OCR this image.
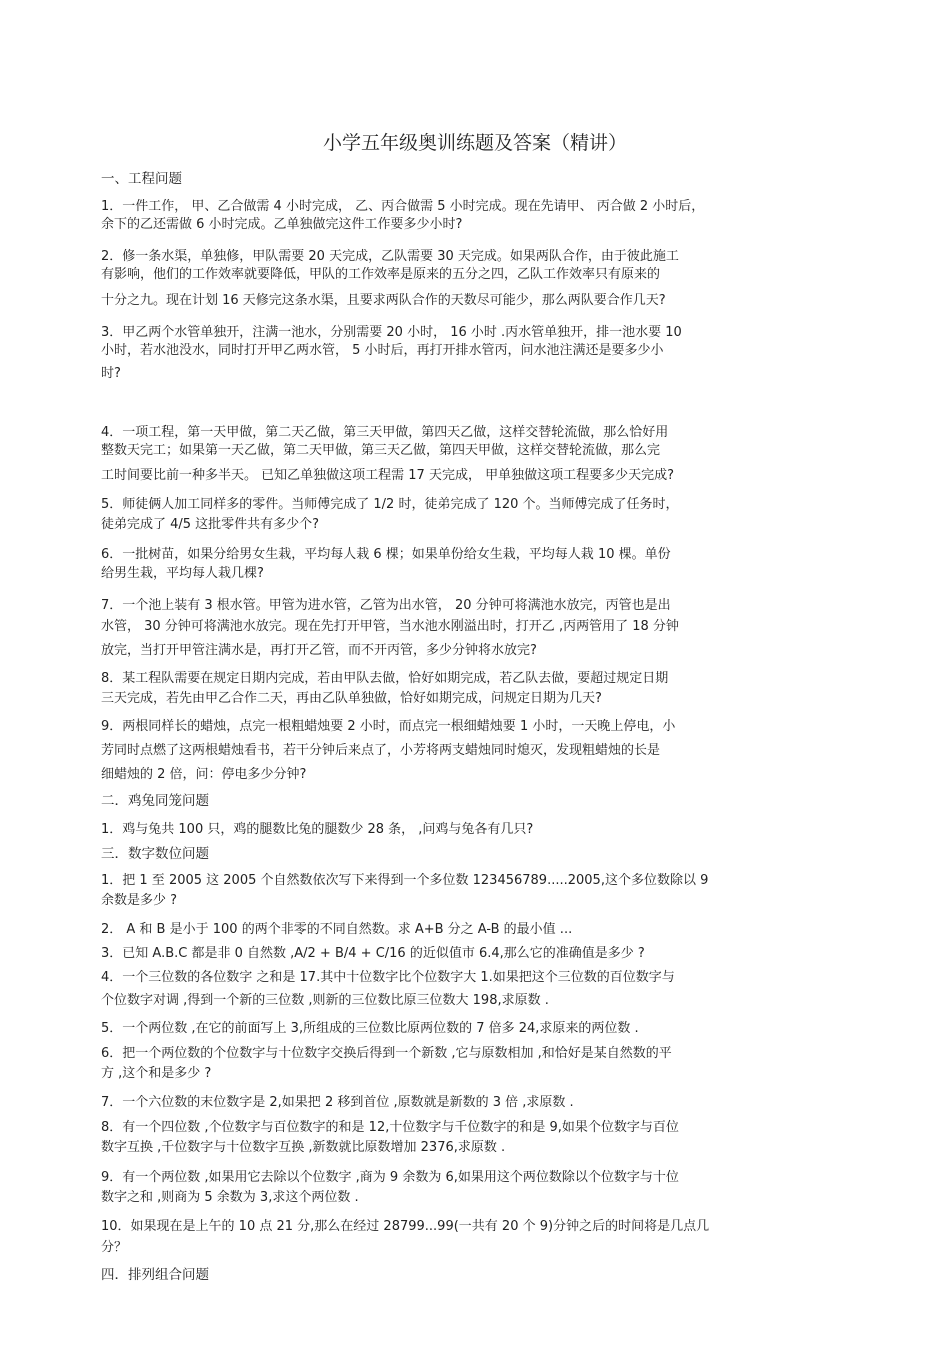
小学五年级奥训练题及答案（精讲）
一、工程问题
1．一件工作， 甲、乙合做需 4 小时完成， 乙、丙合做需 5 小时完成。现在先请甲、 丙合做 2 小时后，
余下的乙还需做 6 小时完成。乙单独做完这件工作要多少小时?
2．修一条水渠，单独修，甲队需要 20 天完成，乙队需要 30 天完成。如果两队合作，由于彼此施工
有影响，他们的工作效率就要降低，甲队的工作效率是原来的五分之四，乙队工作效率只有原来的
十分之九。现在计划 16 天修完这条水渠，且要求两队合作的天数尽可能少，那么两队要合作几天?
3．甲乙两个水管单独开，注满一池水，分别需要 20 小时， 16 小时 .丙水管单独开，排一池水要 10
小时，若水池没水，同时打开甲乙两水管， 5 小时后，再打开排水管丙，问水池注满还是要多少小
时?
4．一项工程，第一天甲做，第二天乙做，第三天甲做，第四天乙做，这样交替轮流做，那么恰好用
整数天完工；如果第一天乙做，第二天甲做，第三天乙做，第四天甲做，这样交替轮流做，那么完
工时间要比前一种多半天。 已知乙单独做这项工程需 17 天完成， 甲单独做这项工程要多少天完成?
5．师徒俩人加工同样多的零件。当师傅完成了 1/2 时，徒弟完成了 120 个。当师傅完成了任务时，
徒弟完成了 4/5 这批零件共有多少个?
6．一批树苗，如果分给男女生栽，平均每人栽 6 棵；如果单份给女生栽，平均每人栽 10 棵。单份
给男生栽，平均每人栽几棵?
7．一个池上装有 3 根水管。甲管为进水管，乙管为出水管， 20 分钟可将满池水放完，丙管也是出
水管， 30 分钟可将满池水放完。现在先打开甲管，当水池水刚溢出时，打开乙 ,丙两管用了 18 分钟
放完，当打开甲管注满水是，再打开乙管，而不开丙管，多少分钟将水放完?
8．某工程队需要在规定日期内完成，若由甲队去做，恰好如期完成，若乙队去做，要超过规定日期
三天完成，若先由甲乙合作二天，再由乙队单独做，恰好如期完成，问规定日期为几天?
9．两根同样长的蜡烛，点完一根粗蜡烛要 2 小时，而点完一根细蜡烛要 1 小时，一天晚上停电，小
芳同时点燃了这两根蜡烛看书，若干分钟后来点了，小芳将两支蜡烛同时熄灭，发现粗蜡烛的长是
细蜡烛的 2 倍，问：停电多少分钟?
二．鸡兔同笼问题
1．鸡与兔共 100 只，鸡的腿数比兔的腿数少 28 条， ,问鸡与兔各有几只?
三．数字数位问题
1．把 1 至 2005 这 2005 个自然数依次写下来得到一个多位数 123456789.....2005,这个多位数除以 9
余数是多少 ?
2． A 和 B 是小于 100 的两个非零的不同自然数。求 A+B 分之 A-B 的最小值 ...
3．已知 A.B.C 都是非 0 自然数 ,A/2 + B/4 + C/16 的近似值市 6.4,那么它的准确值是多少 ?
4．一个三位数的各位数字 之和是 17.其中十位数字比个位数字大 1.如果把这个三位数的百位数字与
个位数字对调 ,得到一个新的三位数 ,则新的三位数比原三位数大 198,求原数 .
5．一个两位数 ,在它的前面写上 3,所组成的三位数比原两位数的 7 倍多 24,求原来的两位数 .
6．把一个两位数的个位数字与十位数字交换后得到一个新数 ,它与原数相加 ,和恰好是某自然数的平
方 ,这个和是多少 ?
7．一个六位数的末位数字是 2,如果把 2 移到首位 ,原数就是新数的 3 倍 ,求原数 .
8．有一个四位数 ,个位数字与百位数字的和是 12,十位数字与千位数字的和是 9,如果个位数字与百位
数字互换 ,千位数字与十位数字互换 ,新数就比原数增加 2376,求原数 .
9．有一个两位数 ,如果用它去除以个位数字 ,商为 9 余数为 6,如果用这个两位数除以个位数字与十位
数字之和 ,则商为 5 余数为 3,求这个两位数 .
10．如果现在是上午的 10 点 21 分,那么在经过 28799...99(一共有 20 个 9)分钟之后的时间将是几点几
分？
四．排列组合问题
